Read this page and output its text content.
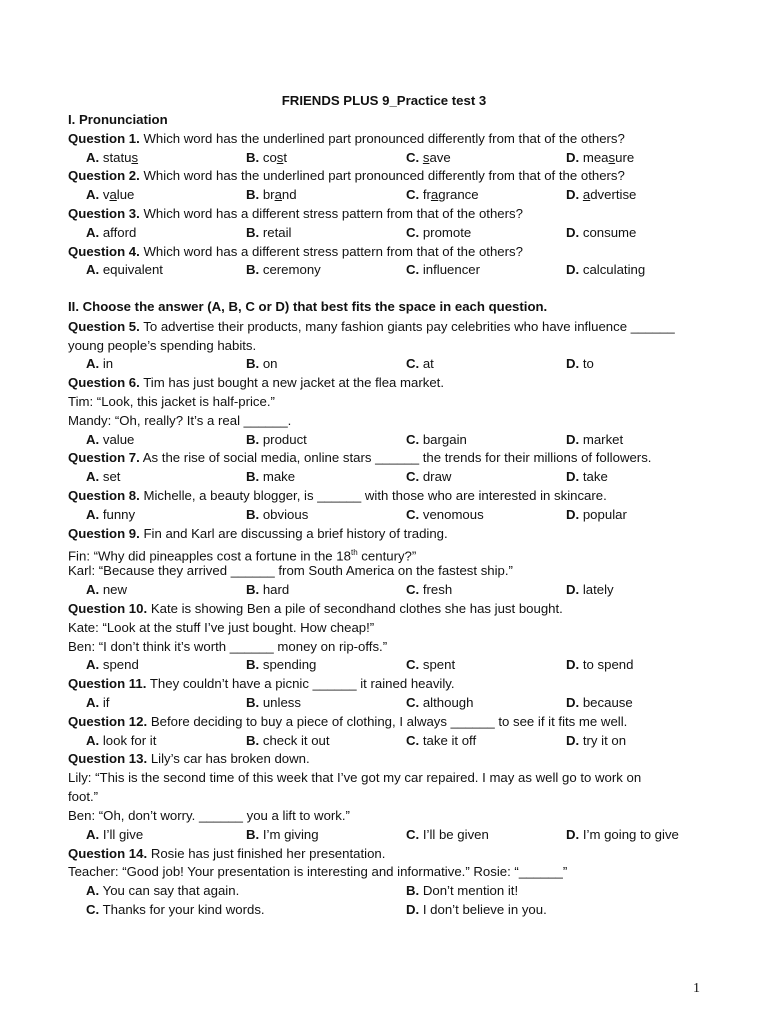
FRIENDS PLUS 9_Practice test 3
I. Pronunciation
Question 1. Which word has the underlined part pronounced differently from that of the others?
A. status	B. cost	C. save	D. measure
Question 2. Which word has the underlined part pronounced differently from that of the others?
A. value	B. brand	C. fragrance	D. advertise
Question 3. Which word has a different stress pattern from that of the others?
A. afford	B. retail	C. promote	D. consume
Question 4. Which word has a different stress pattern from that of the others?
A. equivalent	B. ceremony	C. influencer	D. calculating
II. Choose the answer (A, B, C or D) that best fits the space in each question.
Question 5. To advertise their products, many fashion giants pay celebrities who have influence ______
young people’s spending habits.
A. in	B. on	C. at	D. to
Question 6. Tim has just bought a new jacket at the flea market.
Tim: “Look, this jacket is half-price.”
Mandy: “Oh, really? It’s a real ______.
A. value	B. product	C. bargain	D. market
Question 7. As the rise of social media, online stars ______ the trends for their millions of followers.
A. set	B. make	C. draw	D. take
Question 8. Michelle, a beauty blogger, is ______ with those who are interested in skincare.
A. funny	B. obvious	C. venomous	D. popular
Question 9. Fin and Karl are discussing a brief history of trading.
Fin: “Why did pineapples cost a fortune in the 18th century?”
Karl: “Because they arrived ______ from South America on the fastest ship.”
A. new	B. hard	C. fresh	D. lately
Question 10. Kate is showing Ben a pile of secondhand clothes she has just bought.
Kate: “Look at the stuff I’ve just bought. How cheap!”
Ben: “I don’t think it’s worth ______ money on rip-offs.”
A. spend	B. spending	C. spent	D. to spend
Question 11. They couldn’t have a picnic ______ it rained heavily.
A. if	B. unless	C. although	D. because
Question 12. Before deciding to buy a piece of clothing, I always ______ to see if it fits me well.
A. look for it	B. check it out	C. take it off	D. try it on
Question 13. Lily’s car has broken down.
Lily: “This is the second time of this week that I’ve got my car repaired. I may as well go to work on
foot.”
Ben: “Oh, don’t worry. ______ you a lift to work.”
A. I’ll give	B. I’m giving	C. I’ll be given	D. I’m going to give
Question 14. Rosie has just finished her presentation.
Teacher: “Good job! Your presentation is interesting and informative.” Rosie: “______”
A. You can say that again.	B. Don’t mention it!
C. Thanks for your kind words.	D. I don’t believe in you.
1
